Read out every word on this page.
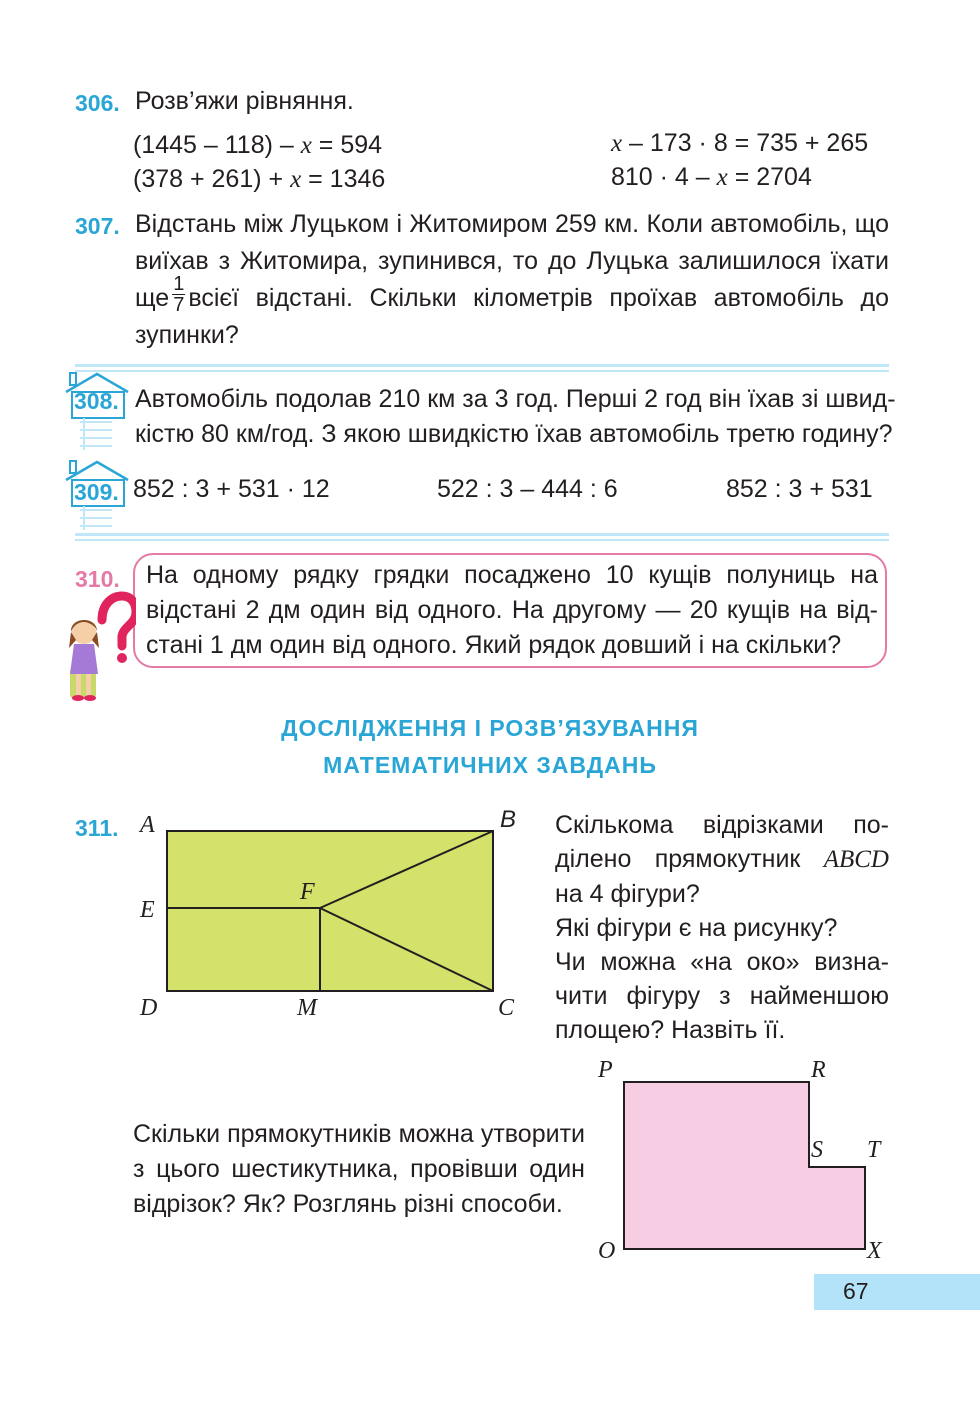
306. Розв’яжи рівняння.
(1445 – 118) – x = 594
(378 + 261) + x = 1346
x – 173 · 8 = 735 + 265
810 · 4 – x = 2704
307. Відстань між Луцьком і Житомиром 259 км. Коли автомобіль, що
виїхав з Житомира, зупинився, то до Луцька залишилося їхати
ще $\frac{1}{7}$ всієї відстані. Скільки кілометрів проїхав автомобіль до
зупинки?
308. Автомобіль подолав 210 км за 3 год. Перші 2 год він їхав зі швид-
кістю 80 км/год. З якою швидкістю їхав автомобіль третю годину?
309. 852 : 3 + 531 · 12	522 : 3 – 444 : 6	852 : 3 + 531
310. На одному рядку грядки посаджено 10 кущів полуниць на
відстані 2 дм один від одного. На другому — 20 кущів на від-
стані 1 дм один від одного. Який рядок довший і на скільки?
ДОСЛІДЖЕННЯ І РОЗВ’ЯЗУВАННЯ
МАТЕМАТИЧНИХ ЗАВДАНЬ
311. A	B
E
F
D	M	C
Скількома відрізками по-
ділено прямокутник ABCD
на 4 фігури?
Які фігури є на рисунку?
Чи можна «на око» визна-
чити фігуру з найменшою
площею? Назвіть її.
P	R
S T
O	X
Скільки прямокутників можна утворити
з цього шестикутника, провівши один
відрізок? Як? Розглянь різні способи.
67
